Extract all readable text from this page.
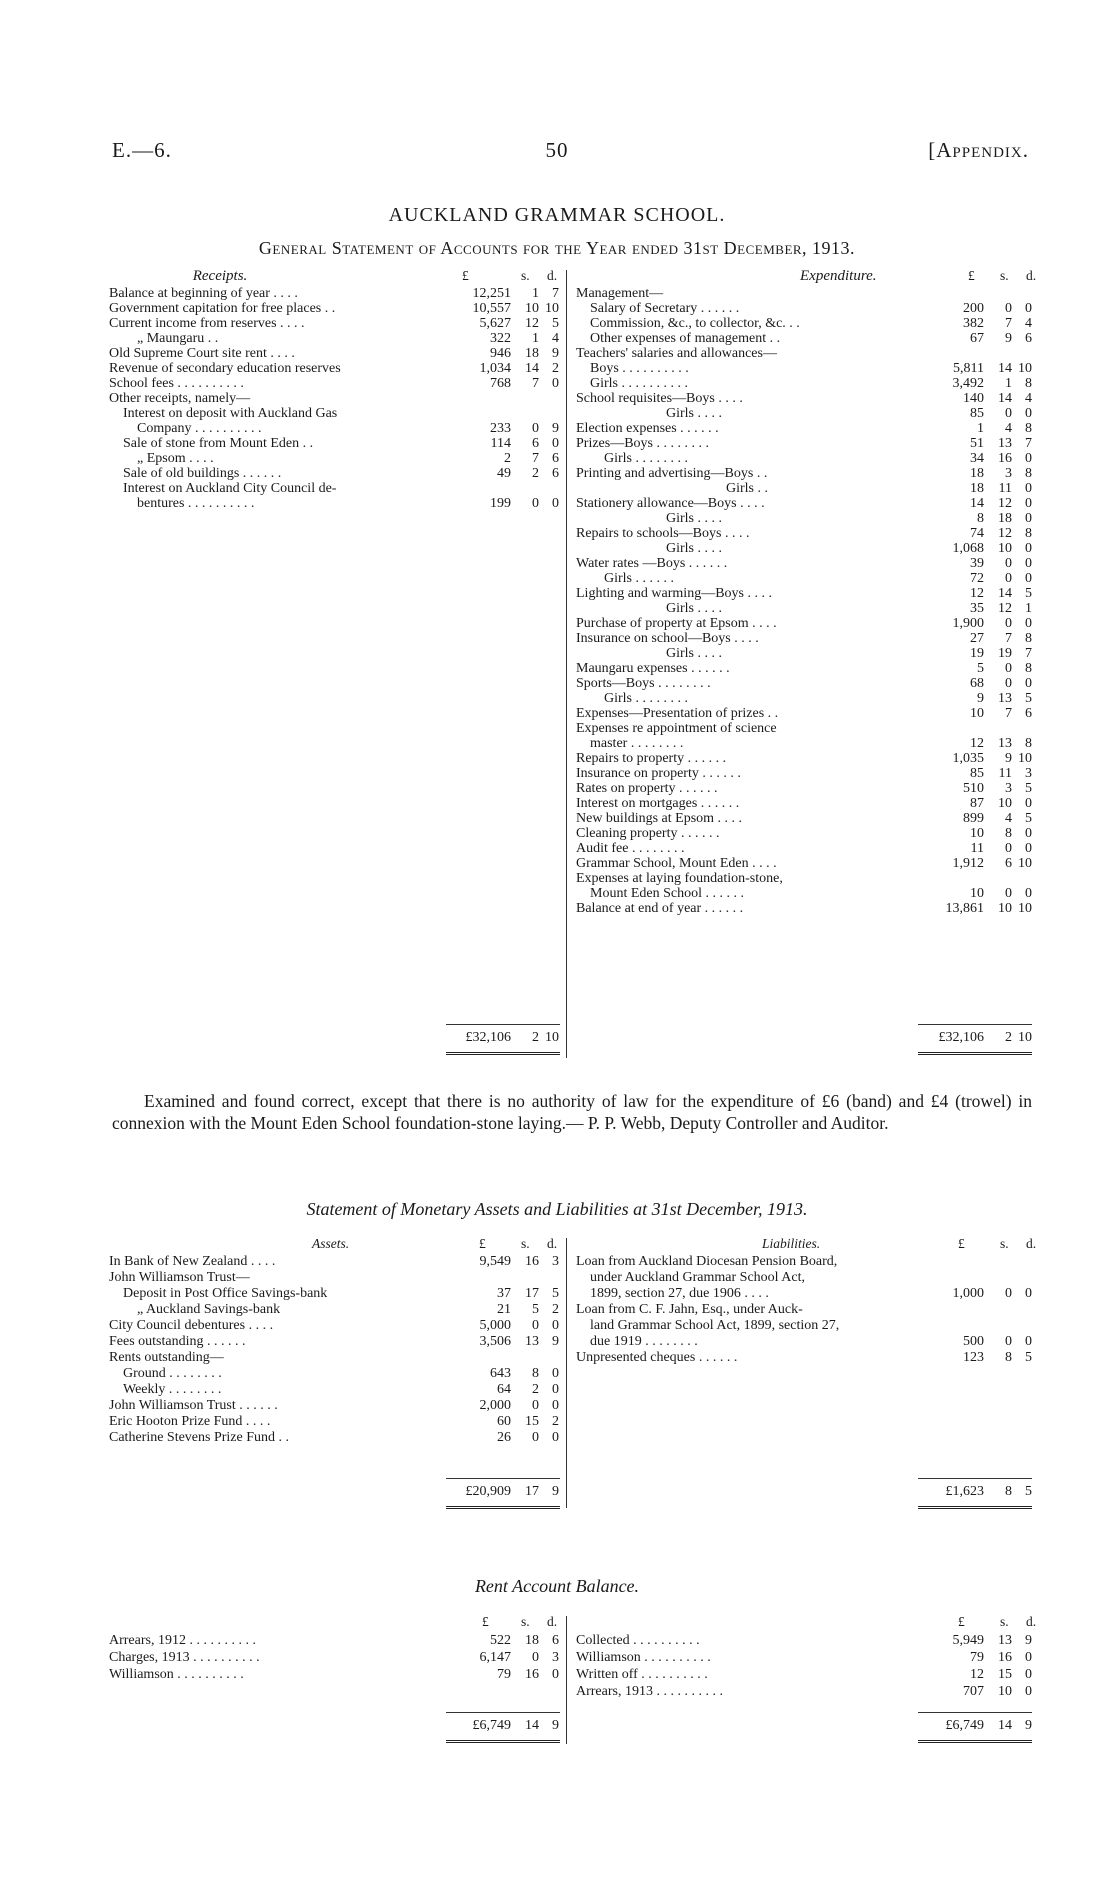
E.—6.	50	[Appendix.
AUCKLAND GRAMMAR SCHOOL.
General Statement of Accounts for the Year ended 31st December, 1913.
Receipts.	£	s. d.	Expenditure.	£ s. d.
Balance at beginning of year . . . .	12,251	1 7
Government capitation for free places . .	10,557	10 10
Current income from reserves . . . .	5,627	12 5
„ Maungaru . .	322	1 4
Old Supreme Court site rent . . . .	946	18 9
Revenue of secondary education reserves	1,034	14 2
School fees . . . . . . . . . .	768	7 0
Other receipts, namely—
Interest on deposit with Auckland Gas
Company . . . . . . . . . .	233	0 9
Sale of stone from Mount Eden . .	114	6 0
„ Epsom . . . .	2	7 6
Sale of old buildings . . . . . .	49	2 6
Interest on Auckland City Council de-
bentures . . . . . . . . . .	199	0 0
Management—
Salary of Secretary . . . . . .	200	0 0
Commission, &c., to collector, &c. . .	382	7 4
Other expenses of management . .	67	9 6
Teachers' salaries and allowances—
Boys . . . . . . . . . .	5,811	14 10
Girls . . . . . . . . . .	3,492	1 8
School requisites—Boys . . . .	140	14 4
Girls . . . .	85	0 0
Election expenses . . . . . .	1	4 8
Prizes—Boys . . . . . . . .	51	13 7
Girls . . . . . . . .	34	16 0
Printing and advertising—Boys . .	18	3 8
Girls . .	18	11 0
Stationery allowance—Boys . . . .	14	12 0
Girls . . . .	8	18 0
Repairs to schools—Boys . . . .	74	12 8
Girls . . . .	1,068	10 0
Water rates —Boys . . . . . .	39	0 0
Girls . . . . . .	72	0 0
Lighting and warming—Boys . . . .	12	14 5
Girls . . . .	35	12 1
Purchase of property at Epsom . . . .	1,900	0 0
Insurance on school—Boys . . . .	27	7 8
Girls . . . .	19	19 7
Maungaru expenses . . . . . .	5	0 8
Sports—Boys . . . . . . . .	68	0 0
Girls . . . . . . . .	9	13 5
Expenses—Presentation of prizes . .	10	7 6
Expenses re appointment of science
master . . . . . . . .	12	13 8
Repairs to property . . . . . .	1,035	9 10
Insurance on property . . . . . .	85	11 3
Rates on property . . . . . .	510	3 5
Interest on mortgages . . . . . .	87	10 0
New buildings at Epsom . . . .	899	4 5
Cleaning property . . . . . .	10	8 0
Audit fee . . . . . . . .	11	0 0
Grammar School, Mount Eden . . . .	1,912	6 10
Expenses at laying foundation-stone,
Mount Eden School . . . . . .	10	0 0
Balance at end of year . . . . . .	13,861	10 10
£32,106	2 10	£32,106	2 10
Examined and found correct, except that there is no authority of law for the expenditure of £6 (band) and £4 (trowel) in connexion with the Mount Eden School foundation-stone laying.— P. P. Webb, Deputy Controller and Auditor.
Statement of Monetary Assets and Liabilities at 31st December, 1913.
Assets.	£	s. d.	Liabilities.	£	s. d.
In Bank of New Zealand . . . .	9,549	16 3
John Williamson Trust—
Deposit in Post Office Savings-bank	37	17 5
„ Auckland Savings-bank	21	5 2
City Council debentures . . . .	5,000	0 0
Fees outstanding . . . . . .	3,506	13 9
Rents outstanding—
Ground . . . . . . . .	643	8 0
Weekly . . . . . . . .	64	2 0
John Williamson Trust . . . . . .	2,000	0 0
Eric Hooton Prize Fund . . . .	60	15 2
Catherine Stevens Prize Fund . .	26	0 0
Loan from Auckland Diocesan Pension Board,
under Auckland Grammar School Act,
1899, section 27, due 1906 . . . .	1,000	0 0
Loan from C. F. Jahn, Esq., under Auck-
land Grammar School Act, 1899, section 27,
due 1919 . . . . . . . .	500	0 0
Unpresented cheques . . . . . .	123	8 5
£20,909	17 9	£1,623	8 5
Rent Account Balance.
£ s. d.	£	s. d.
Arrears, 1912 . . . . . . . . . .	522	18 6
Charges, 1913 . . . . . . . . . .	6,147	0 3
Williamson . . . . . . . . . .	79	16 0
Collected . . . . . . . . . .	5,949	13 9
Williamson . . . . . . . . . .	79	16 0
Written off . . . . . . . . . .	12	15 0
Arrears, 1913 . . . . . . . . . .	707	10 0
£6,749	14 9	£6,749	14 9
